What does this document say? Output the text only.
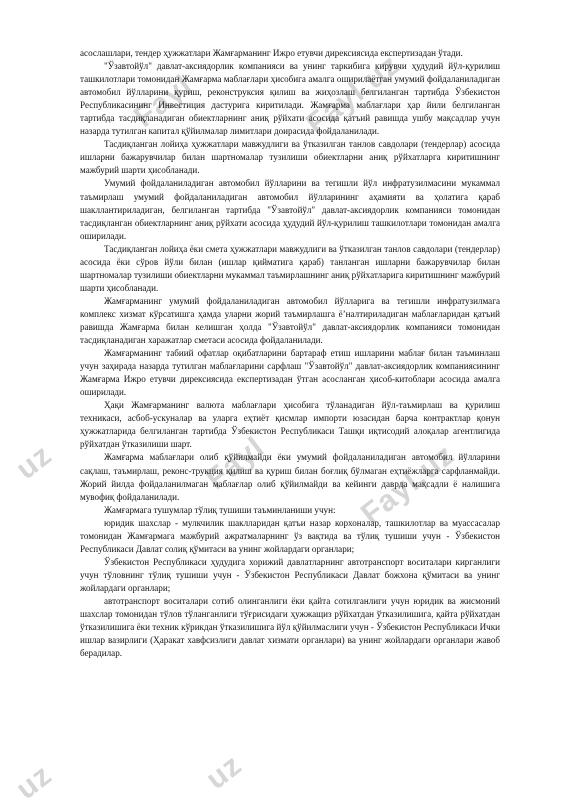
Fayl	Fayl.uz
uz	Fayl	Fayl.uz
uz
uz

асослашлари, тендер ҳужжатлари Жамғарманинг Ижро етувчи дирексиясида експертизадан ўтади.

"Ўзавтойўл" давлат-аксиядорлик компанияси ва унинг таркибига кирувчи ҳудудий йўл-қурилиш ташкилотлари томонидан Жамғарма маблағлари ҳисобига амалга оширилаётган умумий фойдаланиладиган автомобил йўлларини қуриш, реконструксия қилиш ва жиҳозлаш белгиланган тартибда Ўзбекистон Республикасининг Инвестиция дастурига киритилади. Жамғарма маблағлари ҳар йили белгиланган тартибда тасдиқланадиган обиектларнинг аниқ рўйхати асосида қатъий равишда ушбу мақсадлар учун назарда тутилган капитал қўйилмалар лимитлари доирасида фойдаланилади.

Тасдиқланган лойиҳа ҳужжатлари мавжудлиги ва ўтказилган танлов савдолари (тендерлар) асосида ишларни бажарувчилар билан шартномалар тузилиши обиектларни аниқ рўйхатларга киритишнинг мажбурий шарти ҳисобланади.

Умумий фойдаланиладиган автомобил йўлларини ва тегишли йўл инфратузилмасини мукаммал таъмирлаш умумий фойдаланиладиган автомобил йўлларининг аҳамияти ва ҳолатига қараб шакллантириладиган, белгиланган тартибда "Ўзавтойўл" давлат-аксиядорлик компанияси томонидан тасдиқланган обиектларнинг аниқ рўйхати асосида ҳудудий йўл-қурилиш ташкилотлари томонидан амалга оширилади.

Тасдиқланган лойиҳа ёки смета ҳужжатлари мавжудлиги ва ўтказилган танлов савдолари (тендерлар) асосида ёки сўров йўли билан (ишлар қийматига қараб) танланган ишларни бажарувчилар билан шартномалар тузилиши обиектларни мукаммал таъмирлашнинг аниқ рўйхатларига киритишнинг мажбурий шарти ҳисобланади.

Жамғарманинг умумий фойдаланиладиган автомобил йўлларига ва тегишли инфратузилмага комплекс хизмат кўрсатишга ҳамда уларни жорий таъмирлашга ёʼналтириладиган маблағларидан қатъий равишда Жамғарма билан келишган ҳолда "Ўзавтойўл" давлат-аксиядорлик компанияси томонидан тасдиқланадиган харажатлар сметаси асосида фойдаланилади.

Жамғарманинг табиий офатлар оқибатларини бартараф етиш ишларини маблағ билан таъминлаш учун заҳирада назарда тутилган маблағларини сарфлаш "Ўзавтойўл" давлат-аксиядорлик компаниясининг Жамғарма Ижро етувчи дирексиясида експертизадан ўтган асосланган ҳисоб-китоблари асосида амалга оширилади.

Ҳақи Жамғарманинг валюта маблағлари ҳисобига тўланадиган йўл-таъмирлаш ва қурилиш техникаси, асбоб-ускуналар ва уларга еҳтиёт қисмлар импорти юзасидан барча контрактлар қонун ҳужжатларида белгиланган тартибда Ўзбекистон Республикаси Ташқи иқтисодий алоқалар агентлигида рўйхатдан ўтказилиши шарт.

Жамғарма маблағлари олиб қўйилмайди ёки умумий фойдаланиладиган автомобил йўлларини сақлаш, таъмирлаш, реконс-трукция қилиш ва қуриш билан боғлиқ бўлмаган еҳтиёжларга сарфланмайди. Жорий йилда фойдаланилмаган маблағлар олиб қўйилмайди ва кейинги даврда мақсадли ё налишига мувофиқ фойдаланилади.

Жамғармага тушумлар тўлиқ тушиши таъминланиши учун:

юридик шахслар - мулкчилик шаклларидан қатъи назар корхоналар, ташкилотлар ва муассасалар томонидан Жамғармага мажбурий ажратмаларнинг ўз вақтида ва тўлиқ тушиши учун - Ўзбекистон Республикаси Давлат солиқ қўмитаси ва унинг жойлардаги органлари;

Ўзбекистон Республикаси ҳудудига хорижий давлатларнинг автотранспорт воситалари кирганлиги учун тўловнинг тўлиқ тушиши учун - Ўзбекистон Республикаси Давлат божхона қўмитаси ва унинг жойлардаги органлари;

автотранспорт воситалари сотиб олинганлиги ёки қайта сотилганлиги учун юридик ва жисмоний шахслар томонидан тўлов тўланганлиги тўғрисидаги ҳужжащиз рўйхатдан ўтказилишига, қайта рўйхатдан ўтказилишига ёки техник кўрикдан ўтказилишига йўл қўйилмаслиги учун - Ўзбекистон Республикаси Ички ишлар вазирлиги (Ҳаракат хавфсизлиги давлат хизмати органлари) ва унинг жойлардаги органлари жавоб берадилар.
